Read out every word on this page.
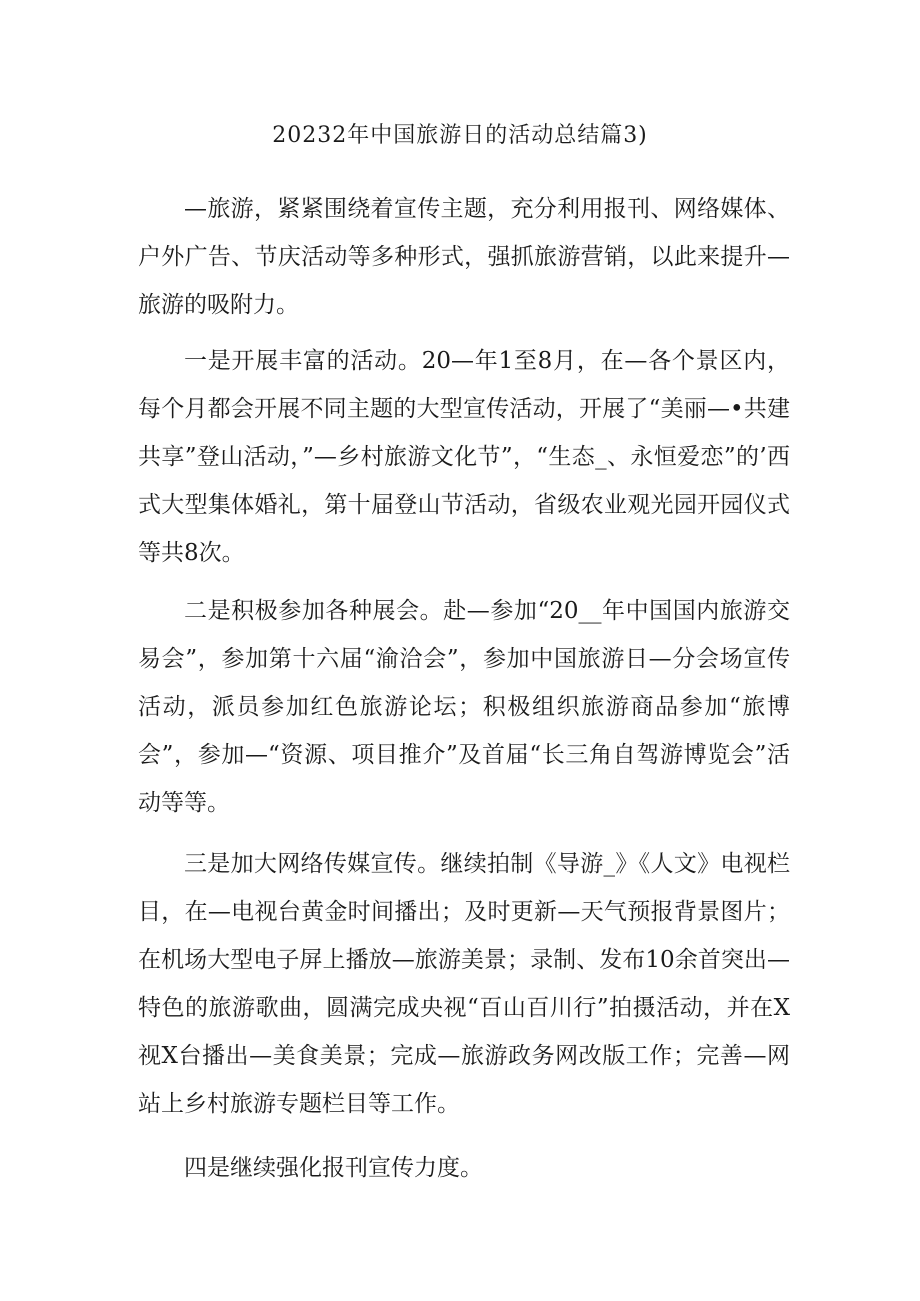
20232年中国旅游日的活动总结篇3)

—旅游，紧紧围绕着宣传主题，充分利用报刊、网络媒体、户外广告、节庆活动等多种形式，强抓旅游营销，以此来提升—旅游的吸附力。

一是开展丰富的活动。20—年1至8月，在—各个景区内，每个月都会开展不同主题的大型宣传活动，开展了“美丽—•共建共享”登山活动，”—乡村旅游文化节”，“生态_、永恒爱恋”的’西式大型集体婚礼，第十届登山节活动，省级农业观光园开园仪式等共8次。

二是积极参加各种展会。赴—参加“20__年中国国内旅游交易会”，参加第十六届“渝洽会”，参加中国旅游日—分会场宣传活动，派员参加红色旅游论坛；积极组织旅游商品参加“旅博会”，参加—“资源、项目推介”及首届“长三角自驾游博览会”活动等等。

三是加大网络传媒宣传。继续拍制《导游_》《人文》电视栏目，在—电视台黄金时间播出；及时更新—天气预报背景图片；在机场大型电子屏上播放—旅游美景；录制、发布10余首突出—特色的旅游歌曲，圆满完成央视“百山百川行”拍摄活动，并在X视X台播出—美食美景；完成—旅游政务网改版工作；完善—网站上乡村旅游专题栏目等工作。

四是继续强化报刊宣传力度。
